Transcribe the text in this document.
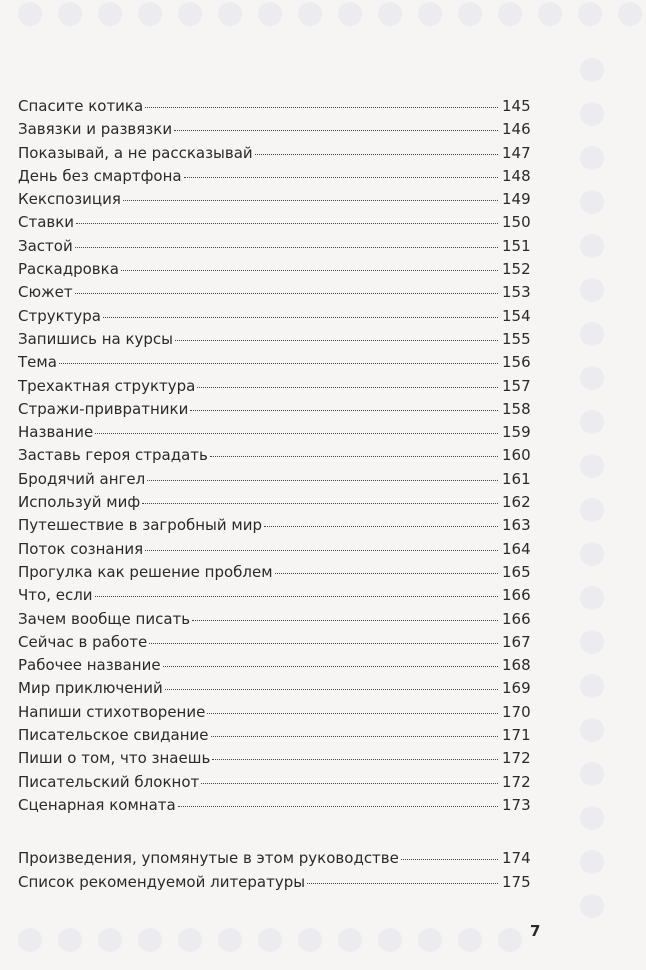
Спасите котика	145
Завязки и развязки	146
Показывай, а не рассказывай	147
День без смартфона	148
Кекспозиция	149
Ставки	150
Застой	151
Раскадровка	152
Сюжет	153
Структура	154
Запишись на курсы	155
Тема	156
Трехактная структура	157
Стражи-привратники	158
Название	159
Заставь героя страдать	160
Бродячий ангел	161
Используй миф	162
Путешествие в загробный мир	163
Поток сознания	164
Прогулка как решение проблем	165
Что, если	166
Зачем вообще писать	166
Сейчас в работе	167
Рабочее название	168
Мир приключений	169
Напиши стихотворение	170
Писательское свидание	171
Пиши о том, что знаешь	172
Писательский блокнот	172
Сценарная комната	173
Произведения, упомянутые в этом руководстве	174
Список рекомендуемой литературы	175
7
